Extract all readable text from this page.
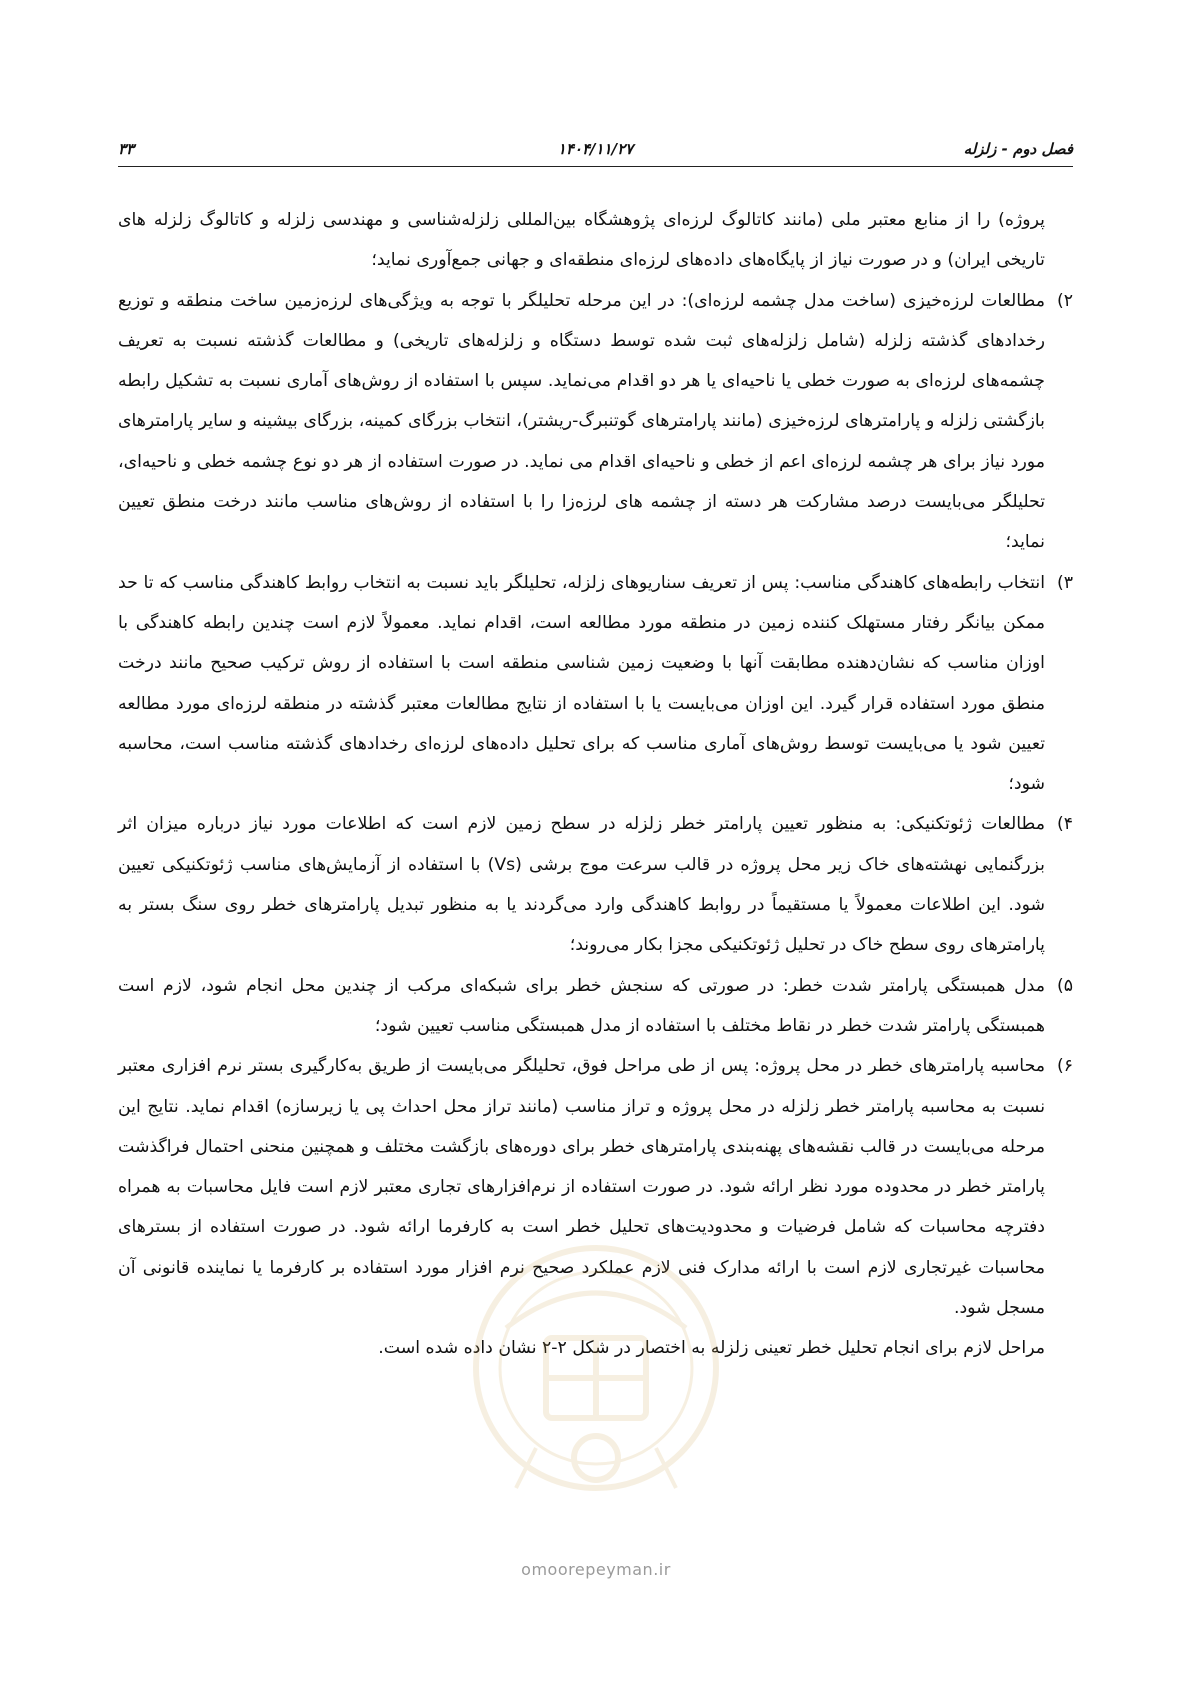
فصل دوم - زلزله
۱۴۰۴/۱۱/۲۷
۳۳

پروژه) را از منابع معتبر ملی (مانند کاتالوگ لرزه‌ای پژوهشگاه بین‌المللی زلزله‌شناسی و مهندسی زلزله و کاتالوگ زلزله های تاریخی ایران) و در صورت نیاز از پایگاه‌های داده‌های لرزه‌ای منطقه‌ای و جهانی جمع‌آوری نماید؛

۲)

مطالعات لرزه‌خیزی (ساخت مدل چشمه لرزه‌ای): در این مرحله تحلیلگر با توجه به ویژگی‌های لرزه‌زمین ساخت منطقه و توزیع رخدادهای گذشته زلزله (شامل زلزله‌های ثبت شده توسط دستگاه و زلزله‌های تاریخی) و مطالعات گذشته نسبت به تعریف چشمه‌های لرزه‌ای به صورت خطی یا ناحیه‌ای یا هر دو اقدام می‌نماید. سپس با استفاده از روش‌های آماری نسبت به تشکیل رابطه بازگشتی زلزله و پارامترهای لرزه‌خیزی (مانند پارامترهای گوتنبرگ-ریشتر)، انتخاب بزرگای کمینه، بزرگای بیشینه و سایر پارامترهای مورد نیاز برای هر چشمه لرزه‌ای اعم از خطی و ناحیه‌ای اقدام می نماید. در صورت استفاده از هر دو نوع چشمه خطی و ناحیه‌ای، تحلیلگر می‌بایست درصد مشارکت هر دسته از چشمه های لرزه‌زا را با استفاده از روش‌های مناسب مانند درخت منطق تعیین نماید؛

۳)

انتخاب رابطه‌های کاهندگی مناسب: پس از تعریف سناریوهای زلزله، تحلیلگر باید نسبت به انتخاب روابط کاهندگی مناسب که تا حد ممکن بیانگر رفتار مستهلک کننده زمین در منطقه مورد مطالعه است، اقدام نماید. معمولاً لازم است چندین رابطه کاهندگی با اوزان مناسب که نشان‌دهنده مطابقت آنها با وضعیت زمین شناسی منطقه است با استفاده از روش ترکیب صحیح مانند درخت منطق مورد استفاده قرار گیرد. این اوزان می‌بایست یا با استفاده از نتایج مطالعات معتبر گذشته در منطقه لرزه‌ای مورد مطالعه تعیین شود یا می‌بایست توسط روش‌های آماری مناسب که برای تحلیل داده‌های لرزه‌ای رخدادهای گذشته مناسب است، محاسبه شود؛

۴)

مطالعات ژئوتکنیکی: به منظور تعیین پارامتر خطر زلزله در سطح زمین لازم است که اطلاعات مورد نیاز درباره میزان اثر بزرگنمایی نهشته‌های خاک زیر محل پروژه در قالب سرعت موج برشی (Vs) با استفاده از آزمایش‌های مناسب ژئوتکنیکی تعیین شود. این اطلاعات معمولاً یا مستقیماً در روابط کاهندگی وارد می‌گردند یا به منظور تبدیل پارامترهای خطر روی سنگ بستر به پارامترهای روی سطح خاک در تحلیل ژئوتکنیکی مجزا بکار می‌روند؛

۵)

مدل همبستگی پارامتر شدت خطر: در صورتی که سنجش خطر برای شبکه‌ای مرکب از چندین محل انجام شود، لازم است همبستگی پارامتر شدت خطر در نقاط مختلف با استفاده از مدل همبستگی مناسب تعیین شود؛

۶)

محاسبه پارامترهای خطر در محل پروژه: پس از طی مراحل فوق، تحلیلگر می‌بایست از طریق به‌کارگیری بستر نرم افزاری معتبر نسبت به محاسبه پارامتر خطر زلزله در محل پروژه و تراز مناسب (مانند تراز محل احداث پی یا زیرسازه) اقدام نماید. نتایج این مرحله می‌بایست در قالب نقشه‌های پهنه‌بندی پارامترهای خطر برای دوره‌های بازگشت مختلف و همچنین منحنی احتمال فراگذشت پارامتر خطر در محدوده مورد نظر ارائه شود. در صورت استفاده از نرم‌افزارهای تجاری معتبر لازم است فایل محاسبات به همراه دفترچه محاسبات که شامل فرضیات و محدودیت‌های تحلیل خطر است به کارفرما ارائه شود. در صورت استفاده از بسترهای محاسبات غیرتجاری لازم است با ارائه مدارک فنی لازم عملکرد صحیح نرم افزار مورد استفاده بر کارفرما یا نماینده قانونی آن مسجل شود.

مراحل لازم برای انجام تحلیل خطر تعینی زلزله به اختصار در شکل ۲-۲ نشان داده شده است.

omoorepeyman.ir
